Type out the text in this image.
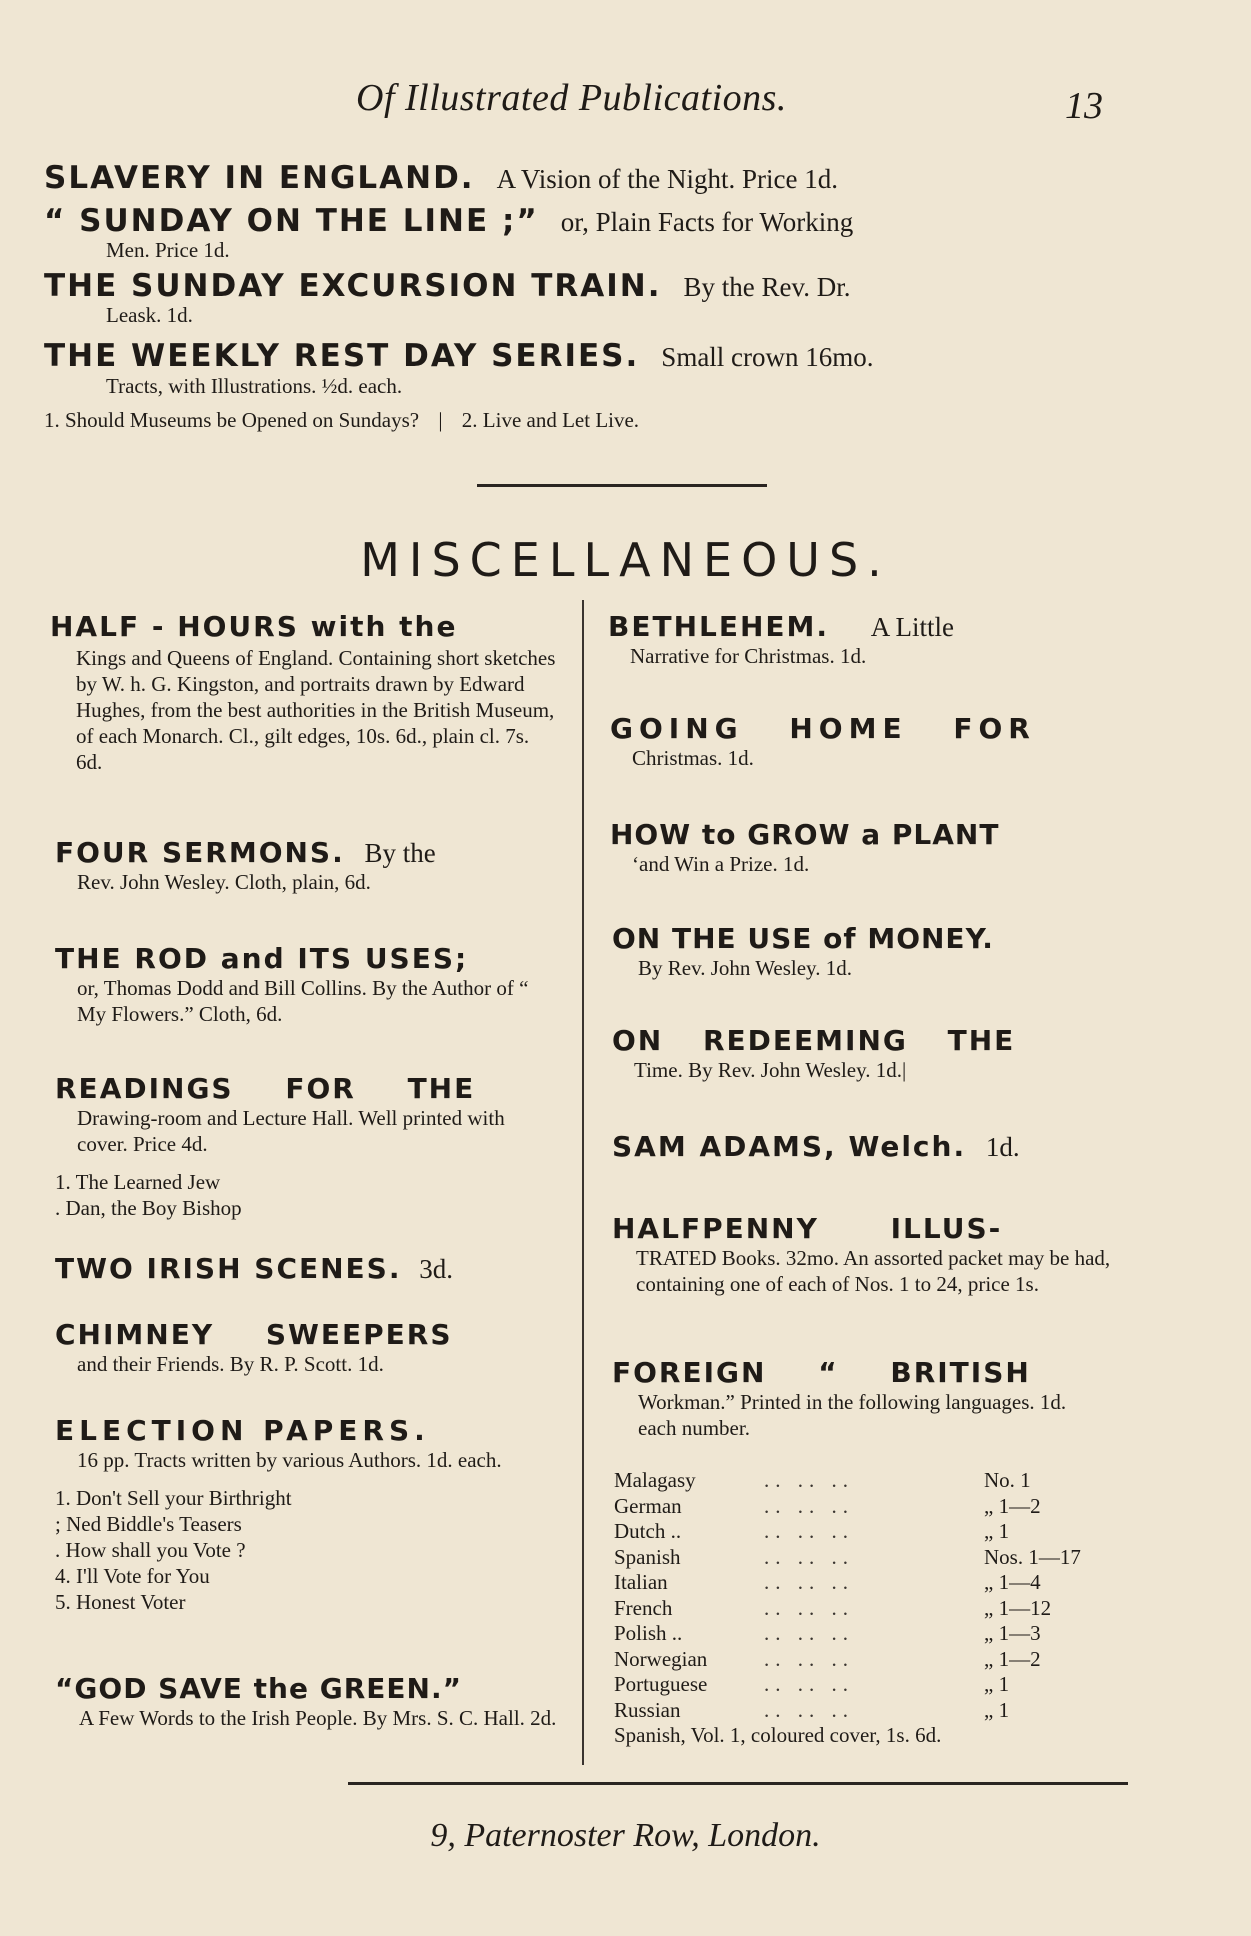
Of Illustrated Publications.	13
SLAVERY IN ENGLAND. A Vision of the Night. Price 1d.
“ SUNDAY ON THE LINE ;” or, Plain Facts for Working
Men. Price 1d.
THE SUNDAY EXCURSION TRAIN. By the Rev. Dr.
Leask. 1d.
THE WEEKLY REST DAY SERIES. Small crown 16mo.
Tracts, with Illustrations. ½d. each.
1. Should Museums be Opened on Sundays? | 2. Live and Let Live.
MISCELLANEOUS.
HALF - HOURS with the
Kings and Queens of England. Containing short sketches by W. h. G. Kingston, and portraits drawn by Edward Hughes, from the best authorities in the British Museum, of each Monarch. Cl., gilt edges, 10s. 6d., plain cl. 7s. 6d.
FOUR SERMONS. By the
Rev. John Wesley. Cloth, plain, 6d.
THE ROD and ITS USES;
or, Thomas Dodd and Bill Collins. By the Author of “ My Flowers.” Cloth, 6d.
READINGS FOR THE
Drawing-room and Lecture Hall. Well printed with cover. Price 4d.
1. The Learned Jew
. Dan, the Boy Bishop
TWO IRISH SCENES. 3d.
CHIMNEY SWEEPERS
and their Friends. By R. P. Scott. 1d.
ELECTION PAPERS.
16 pp. Tracts written by various Authors. 1d. each.
1. Don't Sell your Birthright
; Ned Biddle's Teasers
. How shall you Vote ?
4. I'll Vote for You
5. Honest Voter
“GOD SAVE the GREEN.”
A Few Words to the Irish People. By Mrs. S. C. Hall. 2d.
BETHLEHEM. A Little
Narrative for Christmas. 1d.
GOING HOME FOR
Christmas. 1d.
HOW to GROW a PLANT
‘and Win a Prize. 1d.
ON THE USE of MONEY.
By Rev. John Wesley. 1d.
ON REDEEMING THE
Time. By Rev. John Wesley. 1d.|
SAM ADAMS, Welch. 1d.
HALFPENNY ILLUS-
TRATED Books. 32mo. An assorted packet may be had, containing one of each of Nos. 1 to 24, price 1s.
FOREIGN “ BRITISH
Workman.” Printed in the following languages. 1d. each number.
Malagasy	.. .. ..	No. 1
German	.. .. ..	„ 1—2
Dutch ..	.. .. ..	„ 1
Spanish	.. .. ..	Nos. 1—17
Italian	.. .. ..	„ 1—4
French	.. .. ..	„ 1—12
Polish ..	.. .. ..	„ 1—3
Norwegian	.. .. ..	„ 1—2
Portuguese	.. .. ..	„ 1
Russian	.. .. ..	„ 1
Spanish, Vol. 1, coloured cover, 1s. 6d.
9, Paternoster Row, London.
